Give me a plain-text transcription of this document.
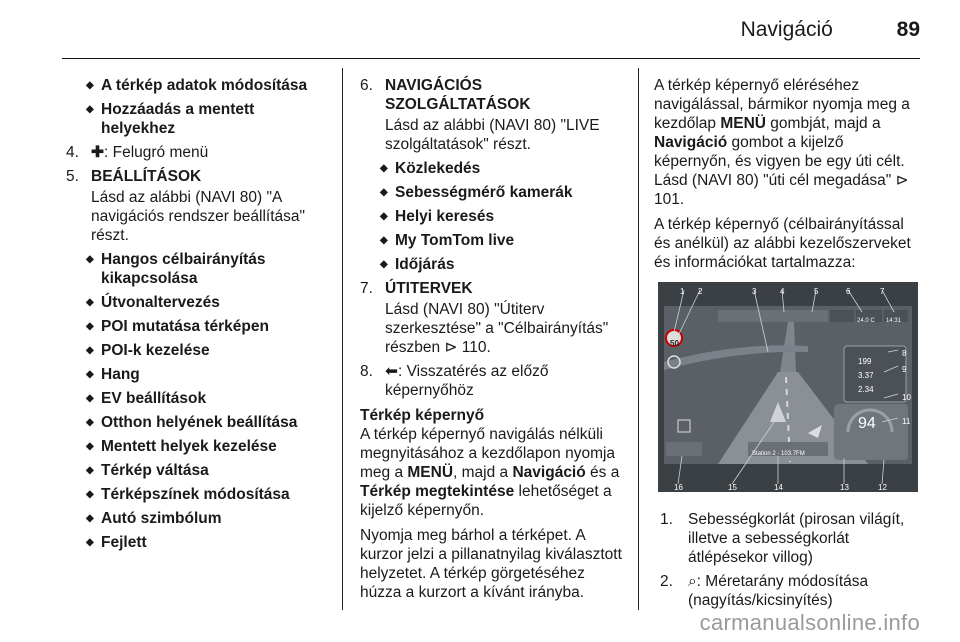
Navigáció	89
◆ A térkép adatok módosítása
◆ Hozzáadás a mentett helyekhez
4. ✚: Felugró menü
5. BEÁLLÍTÁSOK
Lásd az alábbi (NAVI 80) "A navigációs rendszer beállítása" részt.
◆ Hangos célbairányítás kikapcsolása
◆ Útvonaltervezés
◆ POI mutatása térképen
◆ POI-k kezelése
◆ Hang
◆ EV beállítások
◆ Otthon helyének beállítása
◆ Mentett helyek kezelése
◆ Térkép váltása
◆ Térképszínek módosítása
◆ Autó szimbólum
◆ Fejlett
6. NAVIGÁCIÓS SZOLGÁLTATÁSOK
Lásd az alábbi (NAVI 80) "LIVE szolgáltatások" részt.
◆ Közlekedés
◆ Sebességmérő kamerák
◆ Helyi keresés
◆ My TomTom live
◆ Időjárás
7. ÚTITERVEK
Lásd (NAVI 80) "Útiterv szerkesztése" a "Célbairányítás" részben ⊳ 110.
8. ⬅: Visszatérés az előző képernyőhöz
Térkép képernyő

A térkép képernyő navigálás nélküli megnyitásához a kezdőlapon nyomja meg a MENÜ, majd a Navigáció és a Térkép megtekintése lehetőséget a kijelző képernyőn.

Nyomja meg bárhol a térképet. A kurzor jelzi a pillanatnyilag kiválasztott helyzetet. A térkép görgetéséhez húzza a kurzort a kívánt irányba.

A térkép képernyő eléréséhez navigálással, bármikor nyomja meg a kezdőlap MENÜ gombját, majd a Navigáció gombot a kijelző képernyőn, és vigyen be egy úti célt. Lásd (NAVI 80) "úti cél megadása" ⊳ 101.

A térkép képernyő (célbairányítással és anélkül) az alábbi kezelőszerveket és információkat tartalmazza:

1 2	3	4	5	6	7
8
9
10
11
16	15	14	13	12
50
199
3.37
2.34
94
24.0 C 14:31
Station 2 · 103.7FM
1. Sebességkorlát (pirosan világít, illetve a sebességkorlát átlépésekor villog)
2. ⌕: Méretarány módosítása (nagyítás/kicsinyítés)
carmanualsonline.info
